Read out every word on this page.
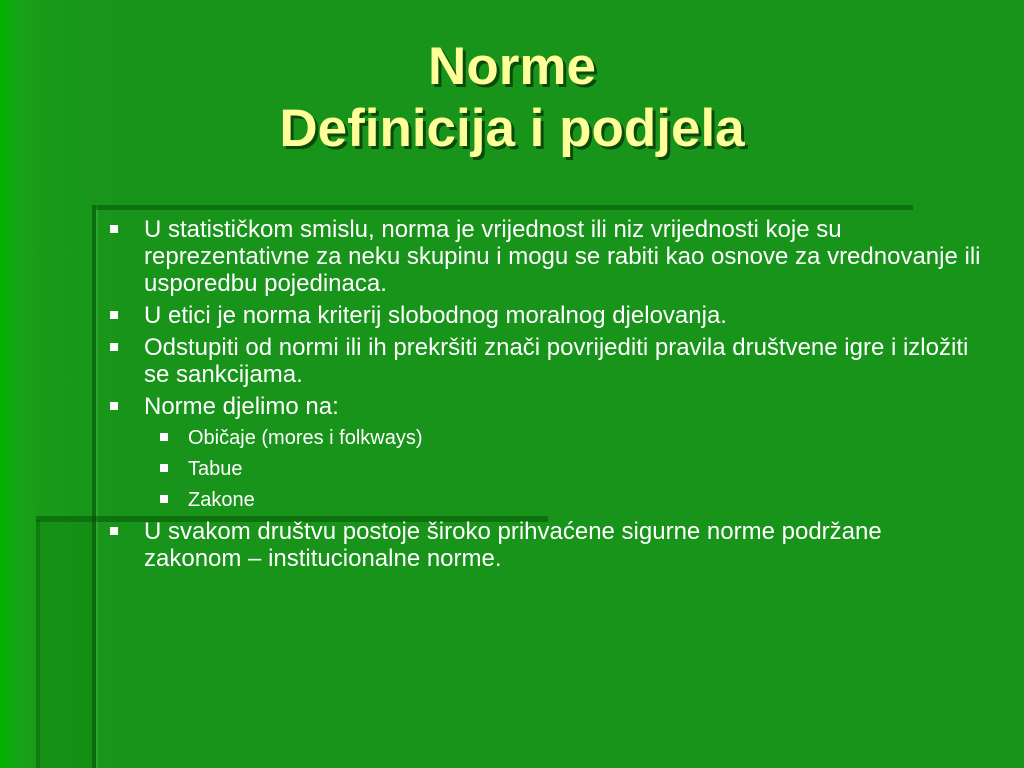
Norme
Definicija i podjela
U statističkom smislu, norma je vrijednost ili niz vrijednosti koje su reprezentativne za neku skupinu i mogu se rabiti kao osnove za vrednovanje ili usporedbu pojedinaca.
U etici je norma kriterij slobodnog moralnog djelovanja.
Odstupiti od normi ili ih prekršiti znači povrijediti pravila društvene igre i izložiti se sankcijama.
Norme djelimo na:
Običaje (mores i folkways)
Tabue
Zakone
U svakom društvu postoje široko prihvaćene sigurne norme podržane zakonom – institucionalne norme.
